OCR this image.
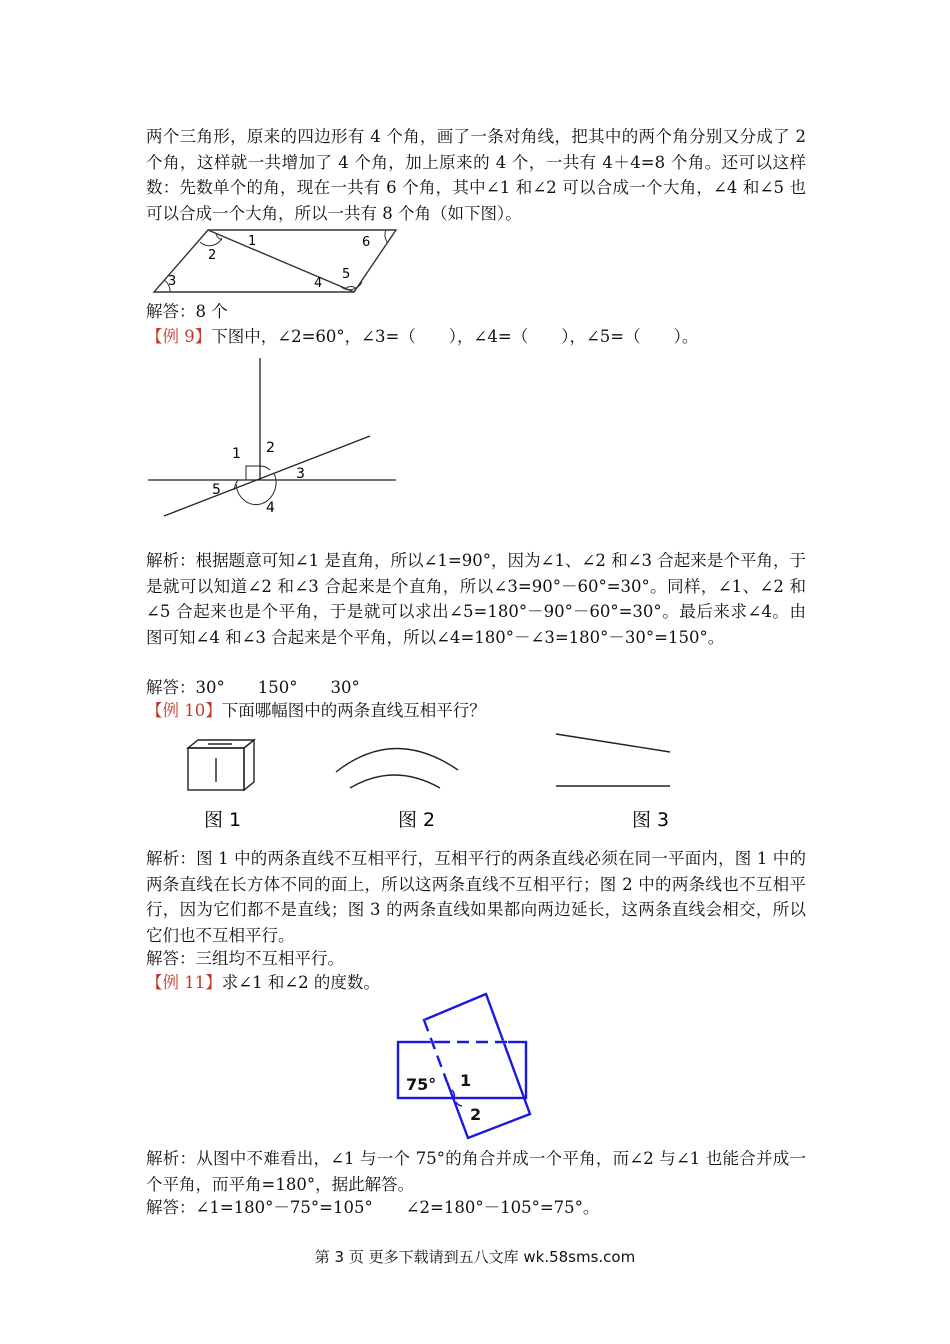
两个三角形，原来的四边形有 4 个角，画了一条对角线，把其中的两个角分别又分成了 2 个角，这样就一共增加了 4 个角，加上原来的 4 个，一共有 4＋4=8 个角。还可以这样数：先数单个的角，现在一共有 6 个角，其中∠1 和∠2 可以合成一个大角，∠4 和∠5 也可以合成一个大角，所以一共有 8 个角（如下图）。
1
2
3	4
5
6
解答：8 个
【例 9】下图中，∠2=60°，∠3=（　　），∠4=（　　），∠5=（　　）。
1 2
3
4
5
解析：根据题意可知∠1 是直角，所以∠1=90°，因为∠1、∠2 和∠3 合起来是个平角，于是就可以知道∠2 和∠3 合起来是个直角，所以∠3=90°－60°=30°。同样，∠1、∠2 和∠5 合起来也是个平角，于是就可以求出∠5=180°－90°－60°=30°。最后来求∠4。由图可知∠4 和∠3 合起来是个平角，所以∠4=180°－∠3=180°－30°=150°。
解答：30°　　150°　　30°
【例 10】下面哪幅图中的两条直线互相平行？
图 1	图 2	图 3
解析：图 1 中的两条直线不互相平行，互相平行的两条直线必须在同一平面内，图 1 中的两条直线在长方体不同的面上，所以这两条直线不互相平行；图 2 中的两条线也不互相平行，因为它们都不是直线；图 3 的两条直线如果都向两边延长，这两条直线会相交，所以它们也不互相平行。
解答：三组均不互相平行。
【例 11】求∠1 和∠2 的度数。
75° 1
2
解析：从图中不难看出，∠1 与一个 75°的角合并成一个平角，而∠2 与∠1 也能合并成一个平角，而平角=180°，据此解答。
解答：∠1=180°－75°=105°　　∠2=180°－105°=75°。
第 3 页 更多下载请到五八文库 wk.58sms.com
